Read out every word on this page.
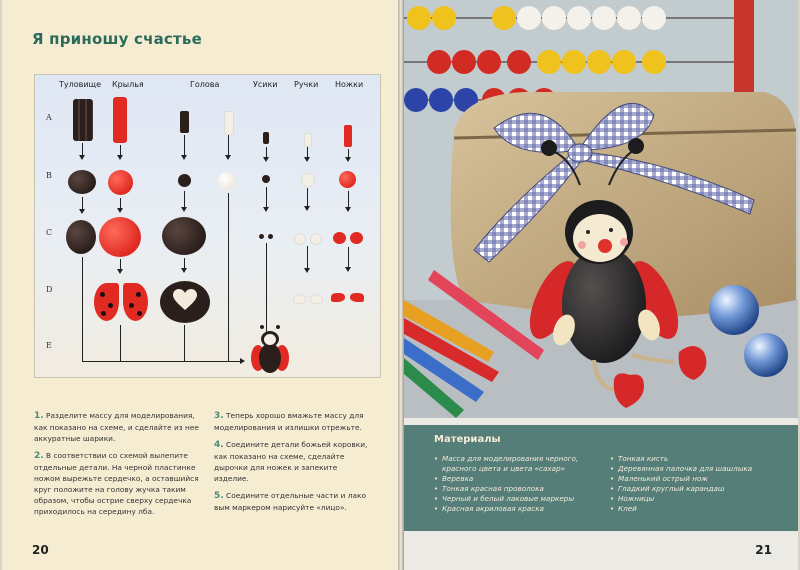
Я приношу счастье
Туловище Крылья	Голова	Усики Ручки Ножки
A
B
C
D
E

1. Разделите массу для моделирования, как показано на схеме, и сделайте из нее аккуратные шарики.

2. В соответствии со схемой вылепите отдельные детали. На черной пластинке ножом вырежьте сердечко, а оставшийся круг положите на голову жучка таким образом, чтобы острие сверху сердечка приходилось на середину лба.

3. Теперь хорошо вмажьте массу для моделирования и излишки отрежьте.

4. Соедините детали божьей коровки, как показано на схеме, сделайте дырочки для ножек и запеките изделие.

5. Соедините отдельные части и лако вым маркером нарисуйте «лицо».

20
Материалы
• Масса для моделирования черного, красного цвета и цвета «сахар»
• Веревка
• Тонкая красная проволока
• Черный и белый лаковые маркеры
• Красная акриловая краска
• Тонкая кисть
• Деревянная палочка для шашлыка
• Маленький острый нож
• Гладкий круглый карандаш
• Ножницы
• Клей
21
